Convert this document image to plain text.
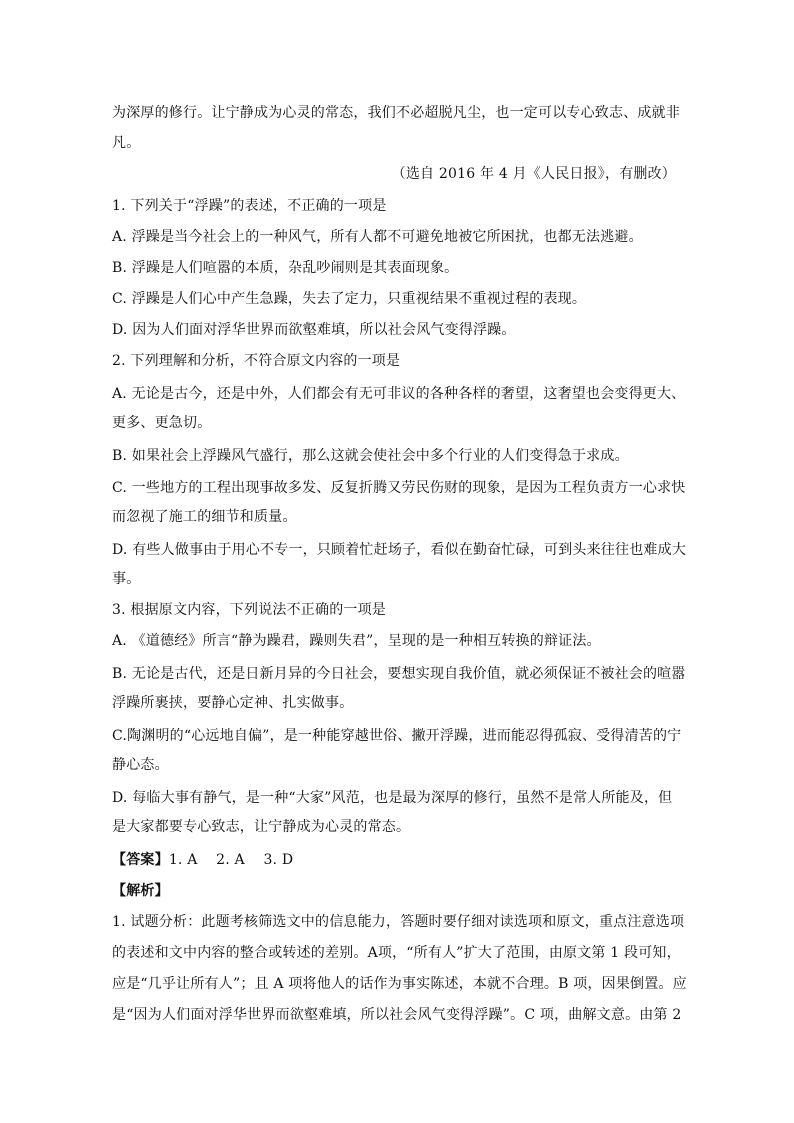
为深厚的修行。让宁静成为心灵的常态，我们不必超脱凡尘，也一定可以专心致志、成就非
凡。
（选自 2016 年 4 月《人民日报》，有删改）
1. 下列关于“浮躁”的表述，不正确的一项是
A. 浮躁是当今社会上的一种风气，所有人都不可避免地被它所困扰，也都无法逃避。
B. 浮躁是人们喧嚣的本质，杂乱吵闹则是其表面现象。
C. 浮躁是人们心中产生急躁，失去了定力，只重视结果不重视过程的表现。
D. 因为人们面对浮华世界而欲壑难填，所以社会风气变得浮躁。
2. 下列理解和分析，不符合原文内容的一项是
A. 无论是古今，还是中外，人们都会有无可非议的各种各样的奢望，这奢望也会变得更大、
更多、更急切。
B. 如果社会上浮躁风气盛行，那么这就会使社会中多个行业的人们变得急于求成。
C. 一些地方的工程出现事故多发、反复折腾又劳民伤财的现象，是因为工程负责方一心求快
而忽视了施工的细节和质量。
D. 有些人做事由于用心不专一，只顾着忙赶场子，看似在勤奋忙碌，可到头来往往也难成大
事。
3. 根据原文内容，下列说法不正确的一项是
A. 《道德经》所言“静为躁君，躁则失君”，呈现的是一种相互转换的辩证法。
B. 无论是古代，还是日新月异的今日社会，要想实现自我价值，就必须保证不被社会的喧嚣
浮躁所裹挟，要静心定神、扎实做事。
C.陶渊明的“心远地自偏”，是一种能穿越世俗、撇开浮躁，进而能忍得孤寂、受得清苦的宁
静心态。
D. 每临大事有静气，是一种“大家”风范，也是最为深厚的修行，虽然不是常人所能及，但
是大家都要专心致志，让宁静成为心灵的常态。
【答案】1. A    2. A    3. D
【解析】
1. 试题分析：此题考核筛选文中的信息能力，答题时要仔细对读选项和原文，重点注意选项
的表述和文中内容的整合或转述的差别。A项，“所有人”扩大了范围，由原文第 1 段可知，
应是“几乎让所有人”；且 A 项将他人的话作为事实陈述，本就不合理。B 项，因果倒置。应
是“因为人们面对浮华世界而欲壑难填，所以社会风气变得浮躁”。C 项，曲解文意。由第 2
